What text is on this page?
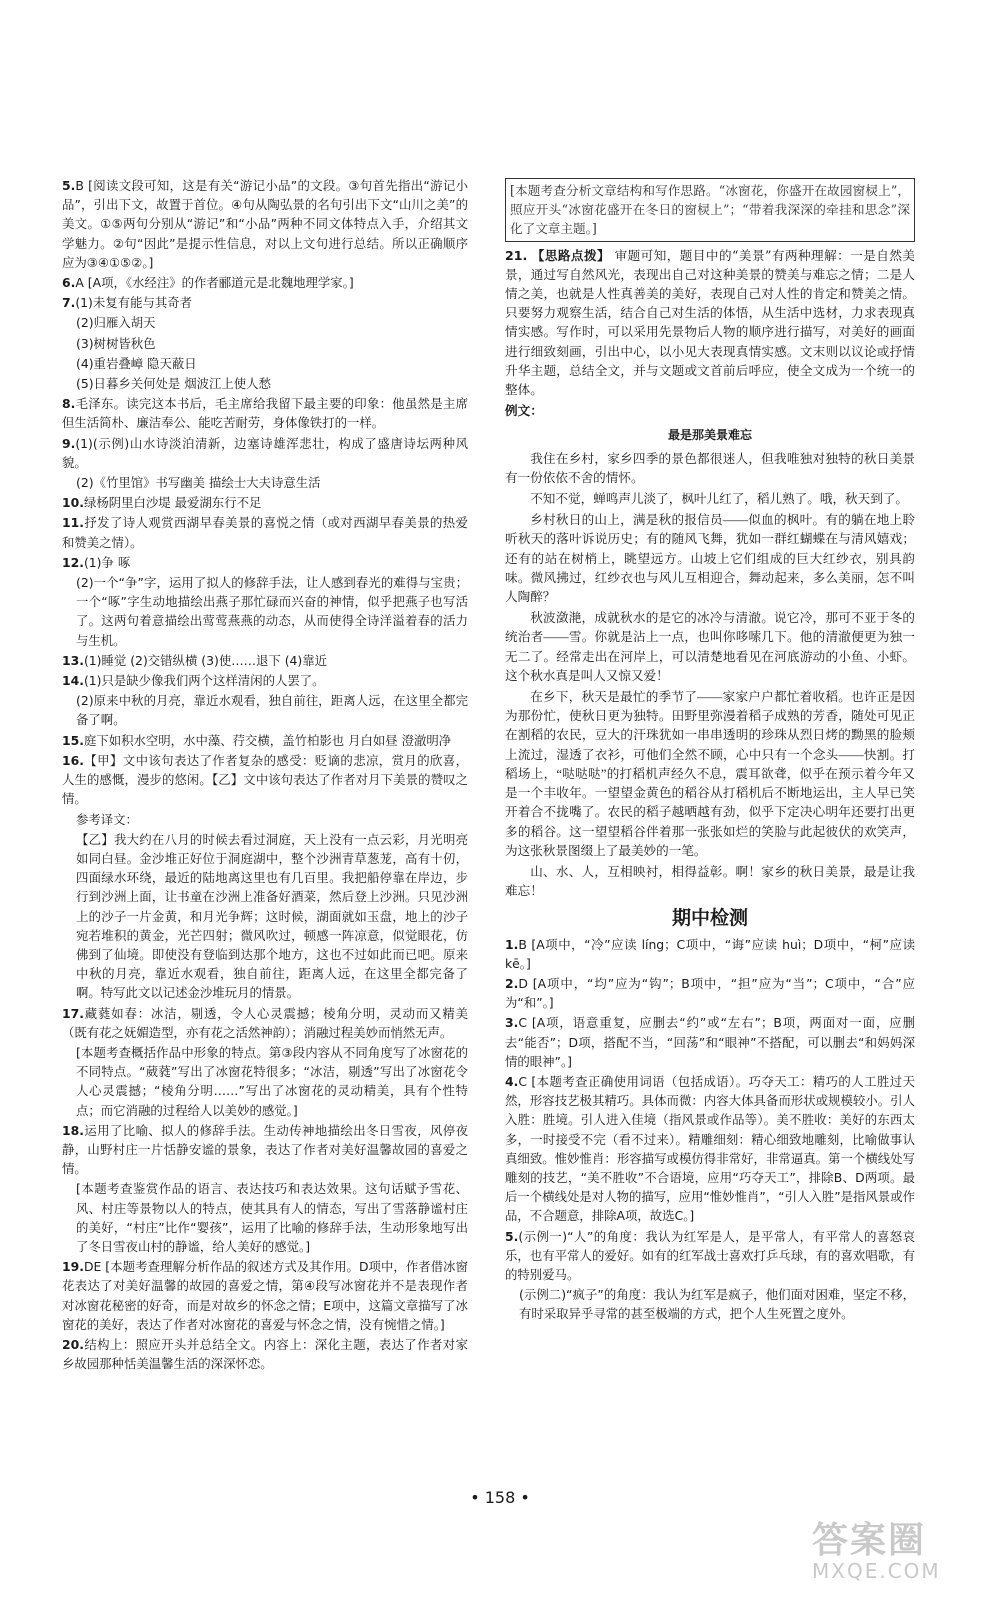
5.B [阅读文段可知，这是有关“游记小品”的文段。③句首先指出“游记小品”，引出下文，故置于首位。④句从陶弘景的名句引出下文“山川之美”的美文。①⑤两句分别从“游记”和“小品”两种不同文体特点入手，介绍其文学魅力。②句“因此”是提示性信息，对以上文句进行总结。所以正确顺序应为③④①⑤②。]
6.A [A项，《水经注》的作者郦道元是北魏地理学家。]
7.(1)未复有能与其奇者
(2)归雁入胡天
(3)树树皆秋色
(4)重岩叠嶂 隐天蔽日
(5)日暮乡关何处是 烟波江上使人愁
8.毛泽东。读完这本书后，毛主席给我留下最主要的印象：他虽然是主席但生活简朴、廉洁奉公、能吃苦耐劳，身体像铁打的一样。
9.(1)(示例)山水诗淡泊清新，边塞诗雄浑悲壮，构成了盛唐诗坛两种风貌。
(2)《竹里馆》书写幽美 描绘士大夫诗意生活
10.绿杨阴里白沙堤 最爱湖东行不足
11.抒发了诗人观赏西湖早春美景的喜悦之情（或对西湖早春美景的热爱和赞美之情）。
12.(1)争 啄
(2)一个“争”字，运用了拟人的修辞手法，让人感到春光的难得与宝贵；一个“啄”字生动地描绘出燕子那忙碌而兴奋的神情，似乎把燕子也写活了。这两句着意描绘出莺莺燕燕的动态，从而使得全诗洋溢着春的活力与生机。
13.(1)睡觉 (2)交错纵横 (3)使……退下 (4)靠近
14.(1)只是缺少像我们两个这样清闲的人罢了。
(2)原来中秋的月亮，靠近水观看，独自前往，距离人远，在这里全都完备了啊。
15.庭下如积水空明，水中藻、荇交横，盖竹柏影也 月白如昼 澄澈明净
16.【甲】文中该句表达了作者复杂的感受：贬谪的悲凉，赏月的欣喜，人生的感慨，漫步的悠闲。【乙】文中该句表达了作者对月下美景的赞叹之情。
参考译文：
【乙】我大约在八月的时候去看过洞庭，天上没有一点云彩，月光明亮如同白昼。金沙堆正好位于洞庭湖中，整个沙洲青草葱茏，高有十仞，四面绿水环绕，最近的陆地离这里也有几百里。我把船停靠在岸边，步行到沙洲上面，让书童在沙洲上准备好酒菜，然后登上沙洲。只见沙洲上的沙子一片金黄，和月光争辉；这时候，湖面就如玉盘，地上的沙子宛若堆积的黄金，光芒四射；微风吹过，顿感一阵凉意，似觉眼花，仿佛到了仙境。即使没有登临到达那个地方，这也不过如此而已吧。原来中秋的月亮，靠近水观看，独自前往，距离人远，在这里全都完备了啊。特写此文以记述金沙堆玩月的情景。
17.藏蕤如春：冰洁，剔透，令人心灵震撼；棱角分明，灵动而又精美（既有花之妩媚造型，亦有花之活然神韵）；消融过程美妙而悄然无声。
[本题考查概括作品中形象的特点。第③段内容从不同角度写了冰窗花的不同特点。“葳蕤”写出了冰窗花特很多；“冰洁，剔透”写出了冰窗花令人心灵震撼；“棱角分明……”写出了冰窗花的灵动精美，具有个性特点；而它消融的过程给人以美妙的感觉。]
18.运用了比喻、拟人的修辞手法。生动传神地描绘出冬日雪夜，风停夜静，山野村庄一片恬静安谧的景象，表达了作者对美好温馨故园的喜爱之情。
[本题考查鉴赏作品的语言、表达技巧和表达效果。这句话赋予雪花、风、村庄等景物以人的特点，使其具有人的情态，写出了雪落静谧村庄的美好，“村庄”比作“婴孩”，运用了比喻的修辞手法，生动形象地写出了冬日雪夜山村的静谧，给人美好的感觉。]
19.DE [本题考查理解分析作品的叙述方式及其作用。D项中，作者借冰窗花表达了对美好温馨的故园的喜爱之情，第④段写冰窗花并不是表现作者对冰窗花秘密的好奇，而是对故乡的怀念之情；E项中，这篇文章描写了冰窗花的美好，表达了作者对冰窗花的喜爱与怀念之情，没有惋惜之情。]
20.结构上：照应开头并总结全文。内容上：深化主题，表达了作者对家乡故园那种恬美温馨生活的深深怀恋。
[本题考查分析文章结构和写作思路。“冰窗花，你盛开在故园窗棂上”，照应开头“冰窗花盛开在冬日的窗棂上”；“带着我深深的牵挂和思念”深化了文章主题。]
21. 【思路点拨】 审题可知，题目中的“美景”有两种理解：一是自然美景，通过写自然风光，表现出自己对这种美景的赞美与难忘之情；二是人情之美，也就是人性真善美的美好，表现自己对人性的肯定和赞美之情。只要努力观察生活，结合自己对生活的体悟，从生活中选材，力求表现真情实感。写作时，可以采用先景物后人物的顺序进行描写，对美好的画面进行细致刻画，引出中心，以小见大表现真情实感。文末则以议论或抒情升华主题，总结全文，并与文题或文首前后呼应，使全文成为一个统一的整体。
例文：
最是那美景难忘

我住在乡村，家乡四季的景色都很迷人，但我唯独对独特的秋日美景有一份依依不舍的情怀。

不知不觉，蝉鸣声儿淡了，枫叶儿红了，稻儿熟了。哦，秋天到了。

乡村秋日的山上，满是秋的报信员——似血的枫叶。有的躺在地上聆听秋天的落叶诉说历史；有的随风飞舞，犹如一群红蝴蝶在与清风嬉戏；还有的站在树梢上，眺望远方。山坡上它们组成的巨大红纱衣，别具韵味。微风拂过，红纱衣也与风儿互相迎合，舞动起来，多么美丽，怎不叫人陶醉？

秋波潋滟，成就秋水的是它的冰冷与清澈。说它冷，那可不亚于冬的统治者——雪。你就是沾上一点，也叫你哆嗦几下。他的清澈便更为独一无二了。经常走出在河岸上，可以清楚地看见在河底游动的小鱼、小虾。这个秋水真是叫人又惊又爱！

在乡下，秋天是最忙的季节了——家家户户都忙着收稻。也许正是因为那份忙，使秋日更为独特。田野里弥漫着稻子成熟的芳香，随处可见正在割稻的农民，豆大的汗珠犹如一串串透明的珍珠从烈日烤的黝黑的脸颊上流过，湿透了衣衫，可他们全然不顾，心中只有一个念头——快割。打稻场上，“哒哒哒”的打稻机声经久不息，震耳欲聋，似乎在预示着今年又是一个丰收年。一望望金黄色的稻谷从打稻机后不断地运出，主人早已笑开着合不拢嘴了。农民的稻子越晒越有劲，似乎下定决心明年还要打出更多的稻谷。这一望望稻谷伴着那一张张如烂的笑脸与此起彼伏的欢笑声，为这张秋景图缀上了最美妙的一笔。

山、水、人，互相映衬，相得益彰。啊！家乡的秋日美景，最是让我难忘！

期中检测
1.B [A项中，“冷”应读 líng；C项中，“诲”应读 huì；D项中，“柯”应读 kē。]
2.D [A项中，“均”应为“钩”；B项中，“担”应为“当”；C项中，“合”应为“和”。]
3.C [A项，语意重复，应删去“约”或“左右”；B项，两面对一面，应删去“能否”；D项，搭配不当，“回荡”和“眼神”不搭配，可以删去“和妈妈深情的眼神”。]
4.C [本题考查正确使用词语（包括成语）。巧夺天工：精巧的人工胜过天然，形容技艺极其精巧。具体而微：内容大体具备而形状或规模较小。引人入胜：胜境。引人进入佳境（指风景或作品等）。美不胜收：美好的东西太多，一时接受不完（看不过来）。精雕细刻：精心细致地雕刻，比喻做事认真细致。惟妙惟肖：形容描写或模仿得非常好，非常逼真。第一个横线处写雕刻的技艺，“美不胜收”不合语境，应用“巧夺天工”，排除B、D两项。最后一个横线处是对人物的描写，应用“惟妙惟肖”，“引人入胜”是指风景或作品，不合题意，排除A项，故选C。]
5.(示例一)“人”的角度：我认为红军是人，是平常人，有平常人的喜怒哀乐，也有平常人的爱好。如有的红军战士喜欢打乒乓球，有的喜欢唱歌，有的特别爱马。
(示例二)“疯子”的角度：我认为红军是疯子，他们面对困难，坚定不移，有时采取异乎寻常的甚至极端的方式，把个人生死置之度外。
• 158 •
答案圈
MXQE.COM
